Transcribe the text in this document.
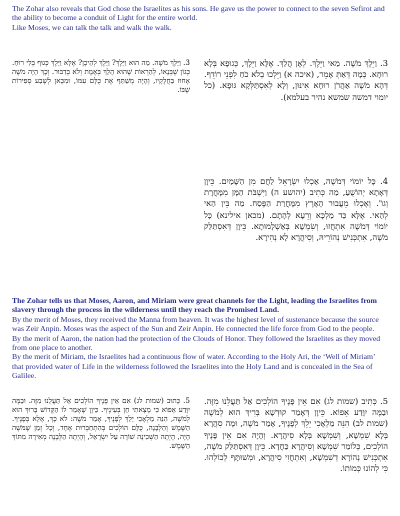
The Zohar also reveals that God chose the Israelites as his sons. He gave us the power to connect to the seven Sefirot and the ability to become a conduit of Light for the entire world.

Like Moses, we can talk the talk and walk the walk.

3. וַיֵּלֶךְ מֹשֶׁה. מַה הוּא וַיֵּלֶךְ? וַיֵּלֶךְ לְהֵיכָן? אֶלָּא וַיֵּלֶךְ כְּגוּף בְּלִי רוּחַ. כְּגוֹן שֶׁבְּנָאוֹ, לְהַרְאוֹת שֶׁהוּא הָלַךְ בְּאֶמֶת וְלֹא בְּדִבּוּר. וְכָךְ הָיָה מֹשֶׁה אָחוּז בַּחֲלָקָיו, וְהָיָה מְשַׁתֵּף אֶת כֻּלָּם עִמּוֹ, וּמִכָּאן לְשֶׁבַע סְפִירוֹת שֶׁבּוֹ.
3. וַיֵּלֶךְ מֹשֶׁה. מַאי וַיֵּלֶךְ. לְאָן הֲלַךְ. אֶלָּא וַיֵּלֶךְ, כְּגוּפָא בְּלָא רוּחָא. כְּמָה דְּאַתְּ אָמֵר, (איכה א) וַיֵּלְכוּ בְלֹא כֹחַ לִפְנֵי רוֹדֵף. דְּהָא מֹשֶׁה אַהֲרֹן רוּחָא אִינּוּן, וְלָא לְאִסְתַּלְּקָא גּוּפָא. (כל יומוי דמשה שמשא נהיר בעלמא).
4. כָּל יוֹמוֹי דְּמֹשֶׁה, אַכְלוּ יִשְׂרָאֵל לַחֲם מִן הַשָּׁמַיִם. כֵּיוָן דְּאָתָא יְהוֹשֻׁעַ, מַה כְּתִיב (יהושע ה) וַיִּשְׁבֹּת הַמָּן מִמָּחֳרָת וְגוֹ'. וְאֶכְלוּ מֵעֲבוּר הָאָרֶץ מִמָּחֳרַת הַפֶּסַח. מַה בֵּין הַאי לְהַאי. אֶלָּא כַּד מַלְכָּא וְרֵעָא לְהָתָם. (מכאן אילינא) כָּל יוֹמוֹי דְּמֹשֶׁה אִתְחֲזוּ, וְשִׂמְשָׁא בְּאַשְׁלָמוּתָא. כֵּיוָן דְּאִסְתַּלַּק מֹשֶׁה, אִתְכְּנִישׁ נְהוֹרֵיהּ, וְסִיהֲרָא לָא נְהִירָא.

The Zohar tells us that Moses, Aaron, and Miriam were great channels for the Light, leading the Israelites from slavery through the process in the wilderness until they reach the Promised Land.

By the merit of Moses, they received the Manna from heaven. It was the highest level of sustenance because the source was Zeir Anpin. Moses was the aspect of the Sun and Zeir Anpin. He connected the life force from God to the people.

By the merit of Aaron, the nation had the protection of the Clouds of Honor. They followed the Israelites as they moved from one place to another.

By the merit of Miriam, the Israelites had a continuous flow of water. According to the Holy Ari, the ‘Well of Miriam’ that provided water of Life in the wilderness followed the Israelites into the Holy Land and is concealed in the Sea of Galilee.

5. כָּתוּב (שמות לג) אִם אֵין פָּנֶיךָ הוֹלְכִים אַל תַּעֲלֵנוּ מִזֶּה. וּבַמֶּה יִוָּדַע אֵפוֹא כִּי מָצָאתִי חֵן בְּעֵינֶיךָ. כֵּיוָן שֶׁאָמַר לוֹ הַקָּדוֹשׁ בָּרוּךְ הוּא לְמֹשֶׁה, הִנֵּה מַלְאָכִי יֵלֵךְ לְפָנֶיךָ, אָמַר מֹשֶׁה: לֹא כָּךְ, אֶלָּא בְּפָנֶיךָ. הַשֶּׁמֶשׁ וְהַלְּבָנָה, כֻּלָּם הוֹלְכִים בְּהִתְחַבְּרוּת אֶחָד, וְכָל זְמַן שֶׁמֹּשֶׁה הָיָה, הָיְתָה הַשְּׁכִינָה שׁוֹרָה עַל יִשְׂרָאֵל, וְהָיְתָה הַלְּבָנָה מְאִירָה מִתּוֹךְ הַשֶּׁמֶשׁ.
5. כְּתִיב (שמות לג) אִם אֵין פָּנֶיךָ הוֹלְכִים אַל תַּעֲלֵנוּ מִזֶּה. וּבַמֶּה יִוָּדַע אֵפוֹא. כֵּיוָן דְּאָמַר קוּדְשָׁא בְּרִיךְ הוּא לְמֹשֶׁה (שמות לב) הִנֵּה מַלְאָכִי יֵלֵךְ לְפָנֶיךָ, אָמַר מֹשֶׁה, וּמָה סִהֲרָא בְּלָא שִׁמְשָׁא, וְשִׁמְשָׁא בְּלָא סִיהֲרָא. וְהָיָה אִם אֵין פָּנֶיךָ הוֹלְכִים, כְּלוֹמַר שִׁמְשָׁא וְסִיהֲרָא כַּחֲדָא. כֵּיוָן דְּאִסְתַּלַּק מֹשֶׁה, אִתְכְּנִישׁ נְהוֹרָא דְשִׁמְשָׁא, וְאִתְחֲזִי סִיהֲרָא, וּמְשׁוּתָּף לְכוֹלְהוּ. כִּי לְהוֹנוּ כְּמוֹתוֹ.
